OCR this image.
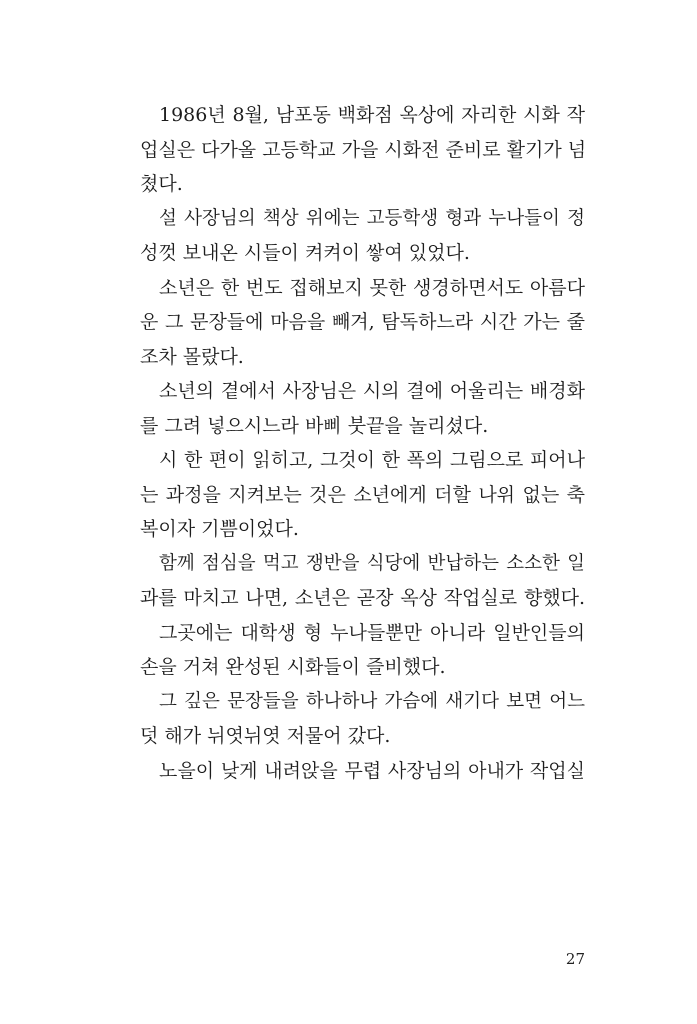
1986년 8월, 남포동 백화점 옥상에 자리한 시화 작
업실은 다가올 고등학교 가을 시화전 준비로 활기가 넘
쳤다.
설 사장님의 책상 위에는 고등학생 형과 누나들이 정
성껏 보내온 시들이 켜켜이 쌓여 있었다.
소년은 한 번도 접해보지 못한 생경하면서도 아름다
운 그 문장들에 마음을 빼겨, 탐독하느라 시간 가는 줄
조차 몰랐다.
소년의 곁에서 사장님은 시의 결에 어울리는 배경화
를 그려 넣으시느라 바삐 붓끝을 놀리셨다.
시 한 편이 읽히고, 그것이 한 폭의 그림으로 피어나
는 과정을 지켜보는 것은 소년에게 더할 나위 없는 축
복이자 기쁨이었다.
함께 점심을 먹고 쟁반을 식당에 반납하는 소소한 일
과를 마치고 나면, 소년은 곧장 옥상 작업실로 향했다.
그곳에는 대학생 형 누나들뿐만 아니라 일반인들의
손을 거쳐 완성된 시화들이 즐비했다.
그 깊은 문장들을 하나하나 가슴에 새기다 보면 어느
덧 해가 뉘엿뉘엿 저물어 갔다.
노을이 낮게 내려앉을 무렵 사장님의 아내가 작업실
27
